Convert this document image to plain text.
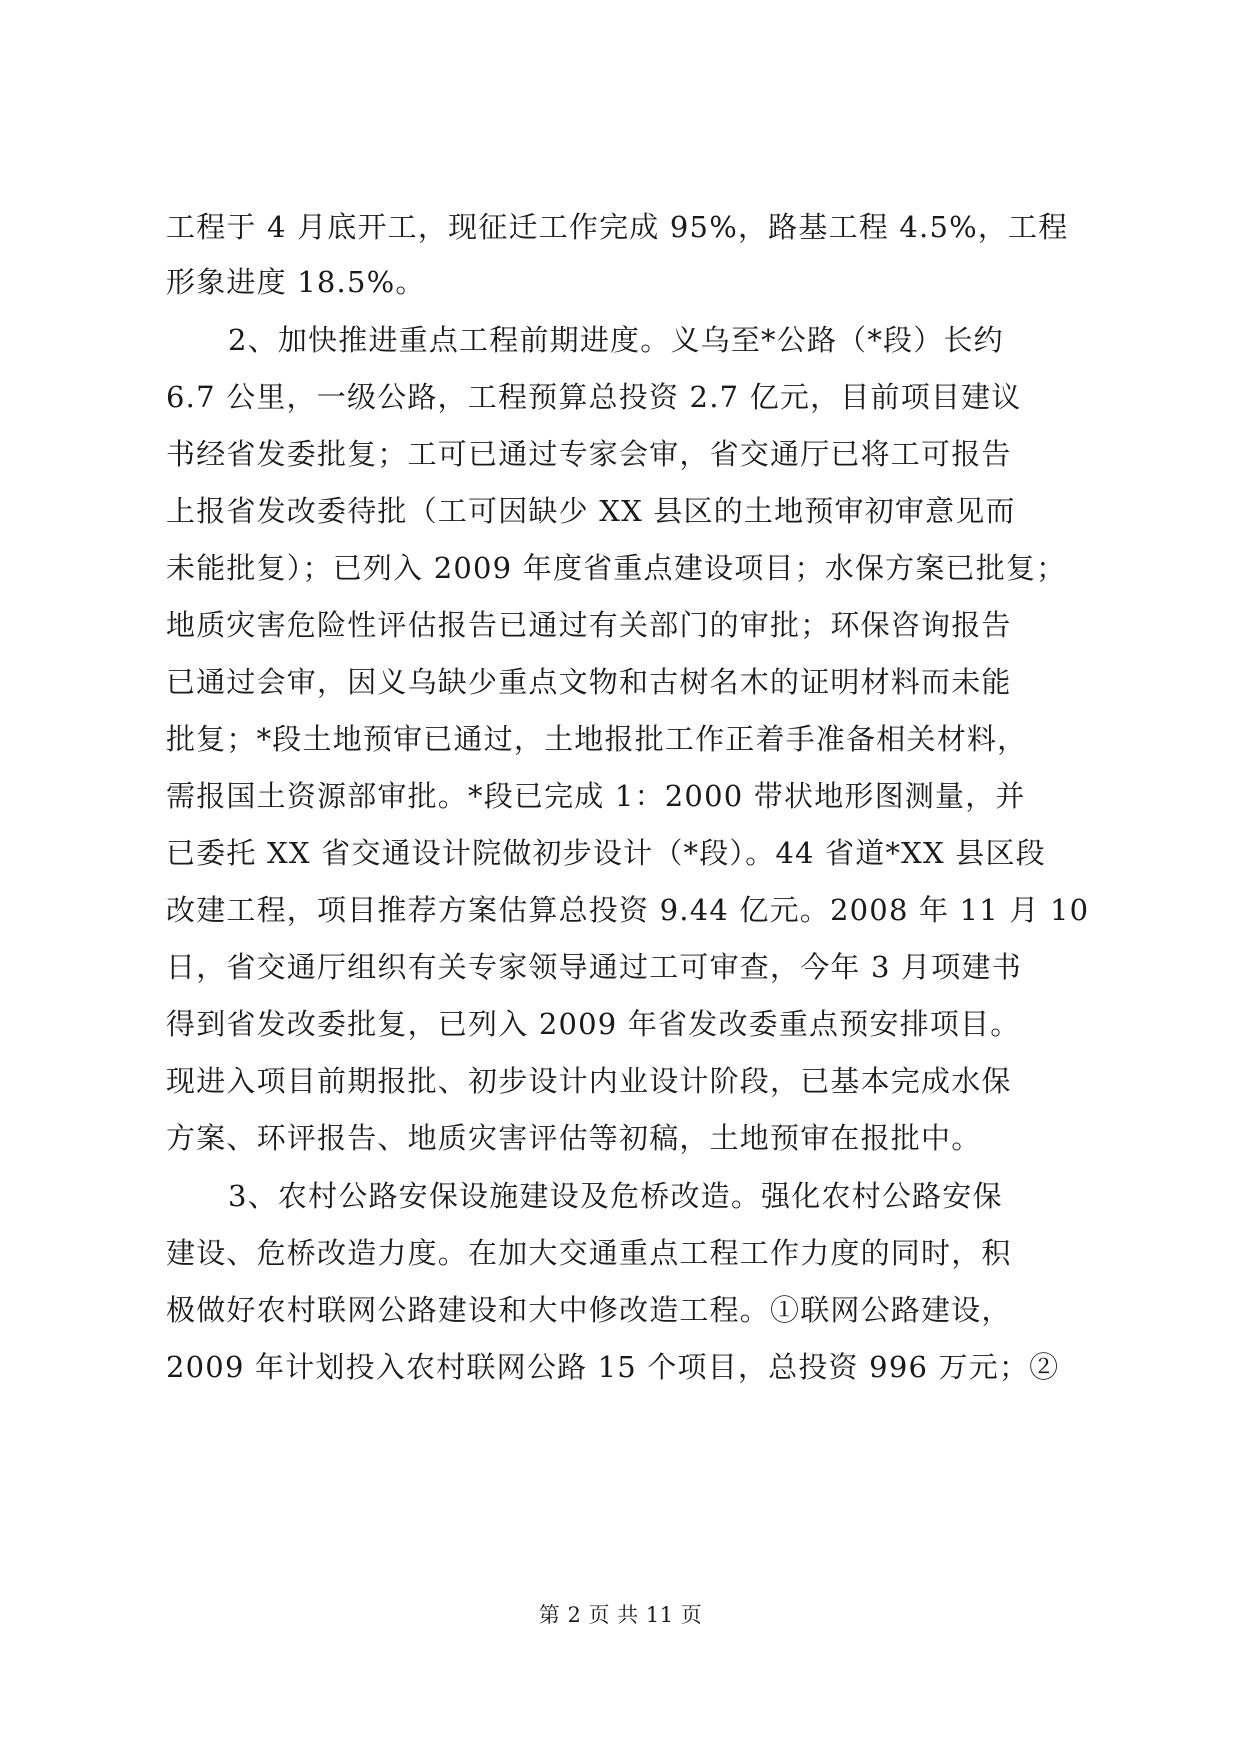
工程于 4 月底开工，现征迁工作完成 95%，路基工程 4.5%，工程
形象进度 18.5%。
2、加快推进重点工程前期进度。义乌至*公路（*段）长约
6.7 公里，一级公路，工程预算总投资 2.7 亿元，目前项目建议
书经省发委批复；工可已通过专家会审，省交通厅已将工可报告
上报省发改委待批（工可因缺少 XX 县区的土地预审初审意见而
未能批复）；已列入 2009 年度省重点建设项目；水保方案已批复；
地质灾害危险性评估报告已通过有关部门的审批；环保咨询报告
已通过会审，因义乌缺少重点文物和古树名木的证明材料而未能
批复；*段土地预审已通过，土地报批工作正着手准备相关材料，
需报国土资源部审批。*段已完成 1：2000 带状地形图测量，并
已委托 XX 省交通设计院做初步设计（*段）。44 省道*XX 县区段
改建工程，项目推荐方案估算总投资 9.44 亿元。2008 年 11 月 10
日，省交通厅组织有关专家领导通过工可审查，今年 3 月项建书
得到省发改委批复，已列入 2009 年省发改委重点预安排项目。
现进入项目前期报批、初步设计内业设计阶段，已基本完成水保
方案、环评报告、地质灾害评估等初稿，土地预审在报批中。
3、农村公路安保设施建设及危桥改造。强化农村公路安保
建设、危桥改造力度。在加大交通重点工程工作力度的同时，积
极做好农村联网公路建设和大中修改造工程。①联网公路建设，
2009 年计划投入农村联网公路 15 个项目，总投资 996 万元；②
第 2 页 共 11 页
